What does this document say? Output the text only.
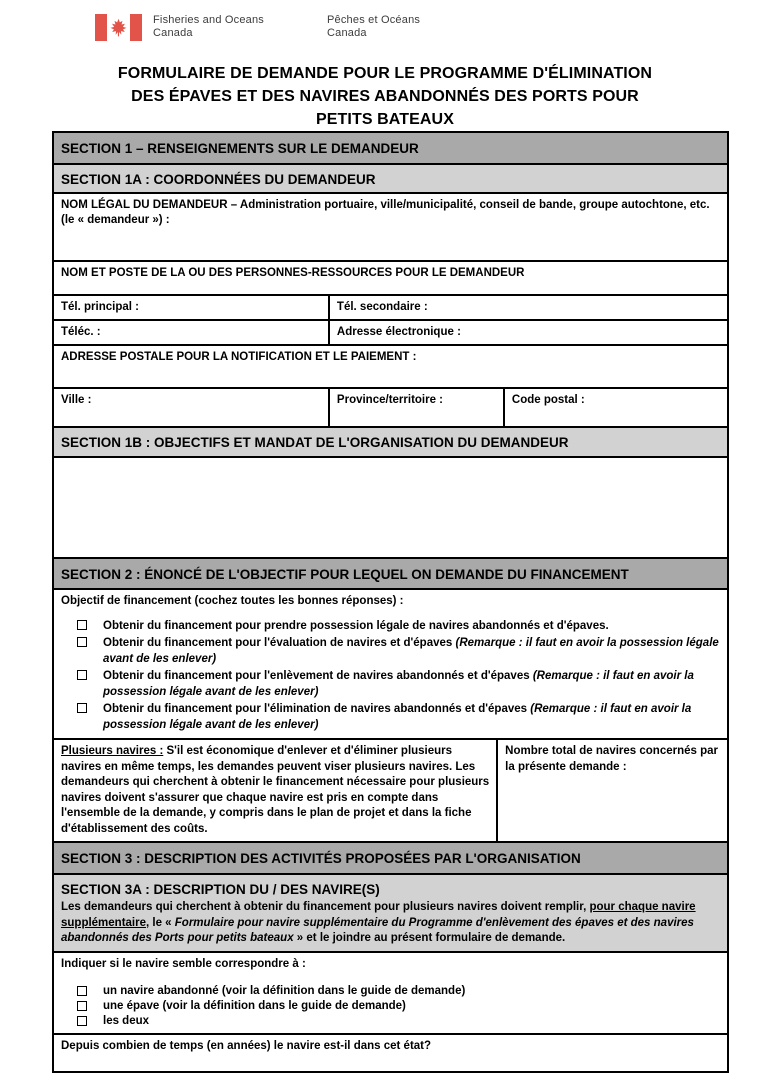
Fisheries and Oceans
Canada
Pêches et Océans
Canada
FORMULAIRE DE DEMANDE POUR LE PROGRAMME D'ÉLIMINATION
DES ÉPAVES ET DES NAVIRES ABANDONNÉS DES PORTS POUR
PETITS BATEAUX
SECTION 1 – RENSEIGNEMENTS SUR LE DEMANDEUR
SECTION 1A : COORDONNÉES DU DEMANDEUR
NOM LÉGAL DU DEMANDEUR – Administration portuaire, ville/municipalité, conseil de bande, groupe autochtone, etc. (le « demandeur ») :
NOM ET POSTE DE LA OU DES PERSONNES-RESSOURCES POUR LE DEMANDEUR
Tél. principal :	Tél. secondaire :
Téléc. :	Adresse électronique :
ADRESSE POSTALE POUR LA NOTIFICATION ET LE PAIEMENT :
Ville :	Province/territoire :	Code postal :
SECTION 1B : OBJECTIFS ET MANDAT DE L'ORGANISATION DU DEMANDEUR
SECTION 2 : ÉNONCÉ DE L'OBJECTIF POUR LEQUEL ON DEMANDE DU FINANCEMENT
Objectif de financement (cochez toutes les bonnes réponses) :
Obtenir du financement pour prendre possession légale de navires abandonnés et d'épaves.
Obtenir du financement pour l'évaluation de navires et d'épaves (Remarque : il faut en avoir la possession légale avant de les enlever)
Obtenir du financement pour l'enlèvement de navires abandonnés et d'épaves (Remarque : il faut en avoir la possession légale avant de les enlever)
Obtenir du financement pour l'élimination de navires abandonnés et d'épaves (Remarque : il faut en avoir la possession légale avant de les enlever)
Plusieurs navires : S'il est économique d'enlever et d'éliminer plusieurs navires en même temps, les demandes peuvent viser plusieurs navires. Les demandeurs qui cherchent à obtenir le financement nécessaire pour plusieurs navires doivent s'assurer que chaque navire est pris en compte dans l'ensemble de la demande, y compris dans le plan de projet et dans la fiche d'établissement des coûts.
Nombre total de navires concernés par la présente demande :
SECTION 3 : DESCRIPTION DES ACTIVITÉS PROPOSÉES PAR L'ORGANISATION
SECTION 3A : DESCRIPTION DU / DES NAVIRE(S)
Les demandeurs qui cherchent à obtenir du financement pour plusieurs navires doivent remplir, pour chaque navire supplémentaire, le « Formulaire pour navire supplémentaire du Programme d'enlèvement des épaves et des navires abandonnés des Ports pour petits bateaux » et le joindre au présent formulaire de demande.
Indiquer si le navire semble correspondre à :
un navire abandonné (voir la définition dans le guide de demande)
une épave (voir la définition dans le guide de demande)
les deux
Depuis combien de temps (en années) le navire est-il dans cet état?
